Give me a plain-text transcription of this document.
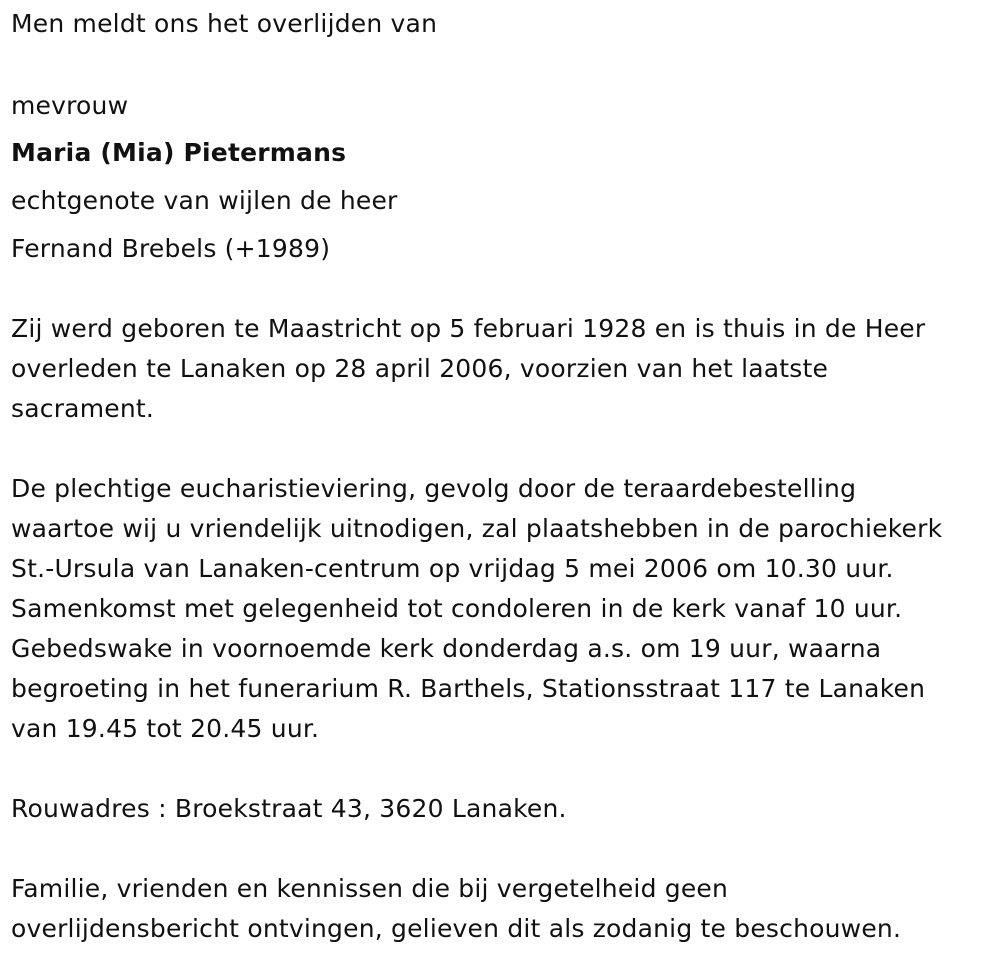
Men meldt ons het overlijden van
mevrouw
Maria (Mia) Pietermans
echtgenote van wijlen de heer
Fernand Brebels (+1989)
Zij werd geboren te Maastricht op 5 februari 1928 en is thuis in de Heer
overleden te Lanaken op 28 april 2006, voorzien van het laatste
sacrament.
De plechtige eucharistieviering, gevolg door de teraardebestelling
waartoe wij u vriendelijk uitnodigen, zal plaatshebben in de parochiekerk
St.-Ursula van Lanaken-centrum op vrijdag 5 mei 2006 om 10.30 uur.
Samenkomst met gelegenheid tot condoleren in de kerk vanaf 10 uur.
Gebedswake in voornoemde kerk donderdag a.s. om 19 uur, waarna
begroeting in het funerarium R. Barthels, Stationsstraat 117 te Lanaken
van 19.45 tot 20.45 uur.
Rouwadres : Broekstraat 43, 3620 Lanaken.
Familie, vrienden en kennissen die bij vergetelheid geen
overlijdensbericht ontvingen, gelieven dit als zodanig te beschouwen.
